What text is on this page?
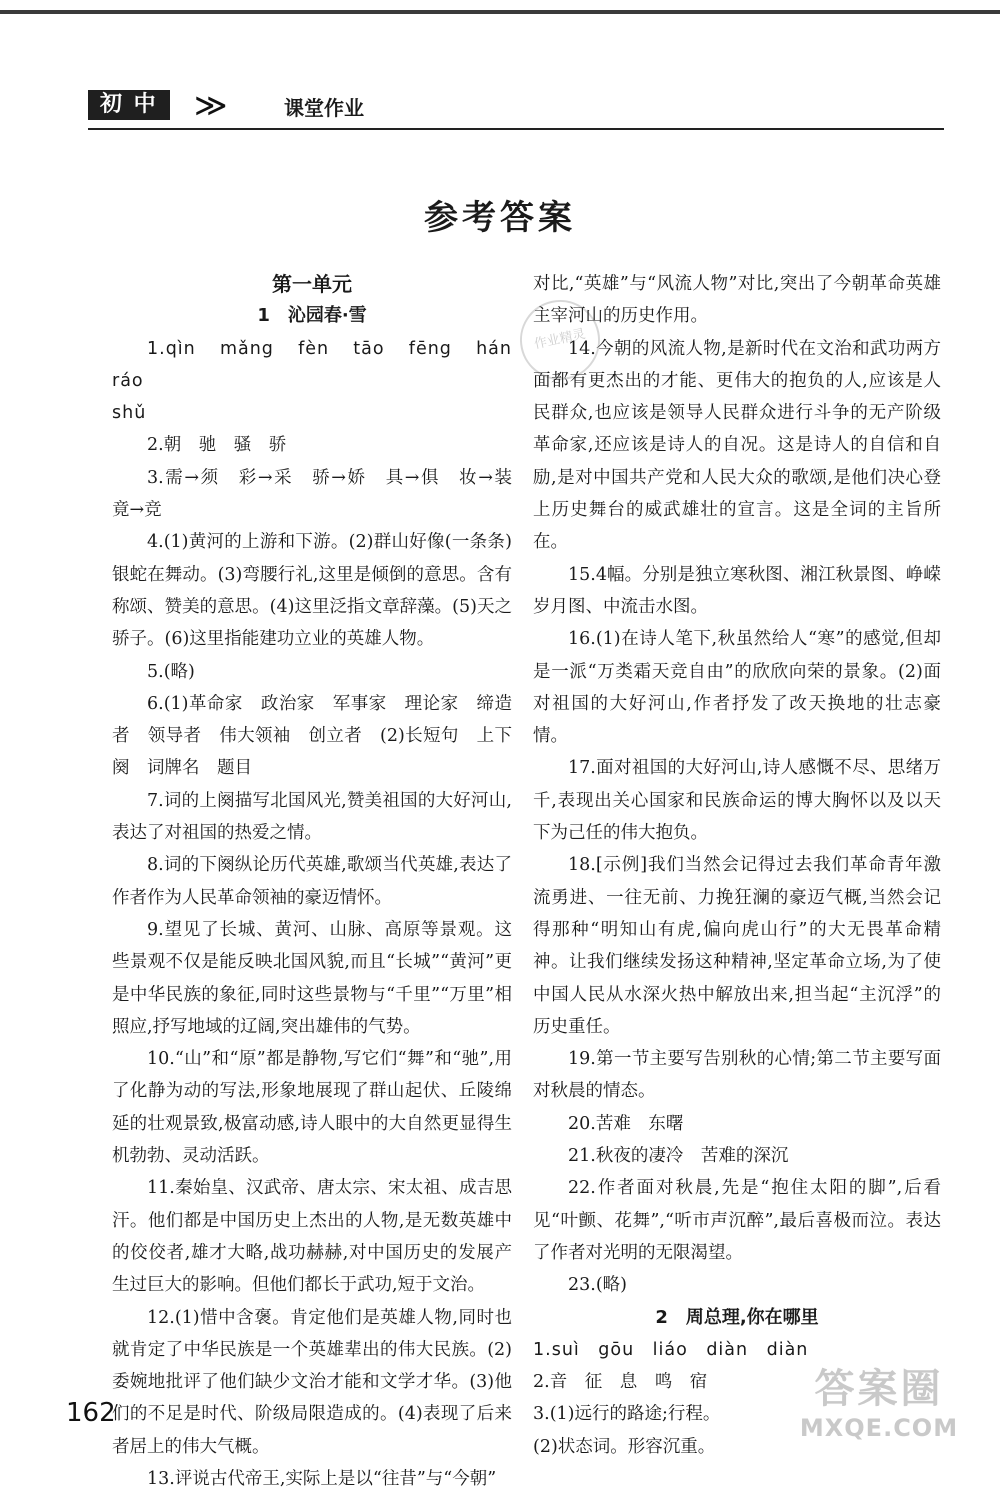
初 中	≫	课堂作业
参考答案
作业精灵

第一单元

1　沁园春·雪

1.qìn　mǎng　fèn　tāo　fēng　hán　ráo

shǔ

2.朝　驰　骚　骄

3.需→须　彩→采　骄→娇　具→俱　妆→装　竟→竞

4.(1)黄河的上游和下游。(2)群山好像(一条条)银蛇在舞动。(3)弯腰行礼,这里是倾倒的意思。含有称颂、赞美的意思。(4)这里泛指文章辞藻。(5)天之骄子。(6)这里指能建功立业的英雄人物。

5.(略)

6.(1)革命家　政治家　军事家　理论家　缔造者　领导者　伟大领袖　创立者　(2)长短句　上下阕　词牌名　题目

7.词的上阕描写北国风光,赞美祖国的大好河山,表达了对祖国的热爱之情。

8.词的下阕纵论历代英雄,歌颂当代英雄,表达了作者作为人民革命领袖的豪迈情怀。

9.望见了长城、黄河、山脉、高原等景观。这些景观不仅是能反映北国风貌,而且“长城”“黄河”更是中华民族的象征,同时这些景物与“千里”“万里”相照应,抒写地域的辽阔,突出雄伟的气势。

10.“山”和“原”都是静物,写它们“舞”和“驰”,用了化静为动的写法,形象地展现了群山起伏、丘陵绵延的壮观景致,极富动感,诗人眼中的大自然更显得生机勃勃、灵动活跃。

11.秦始皇、汉武帝、唐太宗、宋太祖、成吉思汗。他们都是中国历史上杰出的人物,是无数英雄中的佼佼者,雄才大略,战功赫赫,对中国历史的发展产生过巨大的影响。但他们都长于武功,短于文治。

12.(1)惜中含褒。肯定他们是英雄人物,同时也就肯定了中华民族是一个英雄辈出的伟大民族。(2)委婉地批评了他们缺少文治才能和文学才华。(3)他们的不足是时代、阶级局限造成的。(4)表现了后来者居上的伟大气概。

13.评说古代帝王,实际上是以“往昔”与“今朝”

对比,“英雄”与“风流人物”对比,突出了今朝革命英雄主宰河山的历史作用。

14.今朝的风流人物,是新时代在文治和武功两方面都有更杰出的才能、更伟大的抱负的人,应该是人民群众,也应该是领导人民群众进行斗争的无产阶级革命家,还应该是诗人的自况。这是诗人的自信和自励,是对中国共产党和人民大众的歌颂,是他们决心登上历史舞台的威武雄壮的宣言。这是全词的主旨所在。

15.4幅。分别是独立寒秋图、湘江秋景图、峥嵘岁月图、中流击水图。

16.(1)在诗人笔下,秋虽然给人“寒”的感觉,但却是一派“万类霜天竞自由”的欣欣向荣的景象。(2)面对祖国的大好河山,作者抒发了改天换地的壮志豪情。

17.面对祖国的大好河山,诗人感慨不尽、思绪万千,表现出关心国家和民族命运的博大胸怀以及以天下为己任的伟大抱负。

18.[示例]我们当然会记得过去我们革命青年激流勇进、一往无前、力挽狂澜的豪迈气概,当然会记得那种“明知山有虎,偏向虎山行”的大无畏革命精神。让我们继续发扬这种精神,坚定革命立场,为了使中国人民从水深火热中解放出来,担当起“主沉浮”的历史重任。

19.第一节主要写告别秋的心情;第二节主要写面对秋晨的情态。

20.苦难　东曙

21.秋夜的凄冷　苦难的深沉

22.作者面对秋晨,先是“抱住太阳的脚”,后看见“叶颤、花舞”,“听市声沉醉”,最后喜极而泣。表达了作者对光明的无限渴望。

23.(略)

2　周总理,你在哪里

1.suì　gōu　liáo　diàn　diàn

2.音　征　息　鸣　宿

3.(1)远行的路途;行程。

(2)状态词。形容沉重。

162
答案圈
MXQE.COM
